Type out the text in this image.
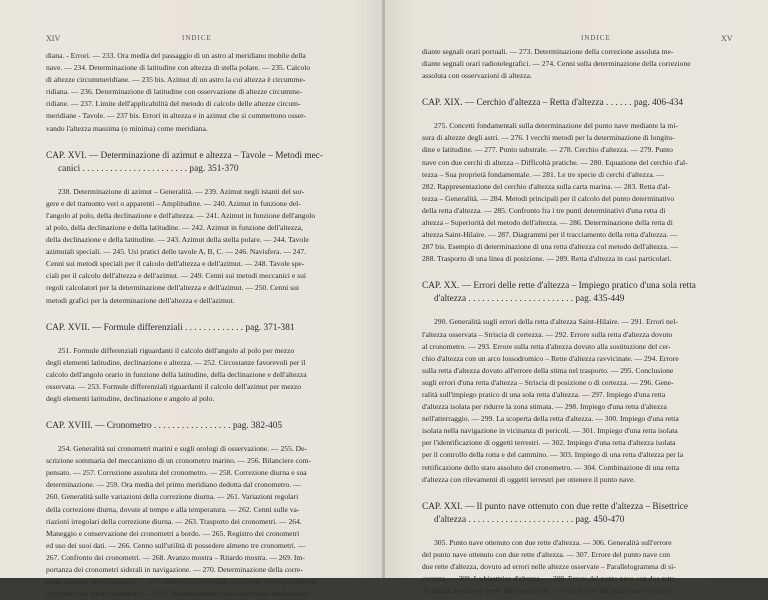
XIV	INDICE
diana. - Errori. — 233. Ora media del passaggio di un astro al meridiano mobile della
nave. — 234. Determinazione di latitudine con altezza di stella polare. — 235. Calcolo
di altezze circummeridiane. — 235 bis. Azimut di un astro la cui altezza è circumme-
ridiana. — 236. Determinazione di latitudine con osservazione di altezze circumme-
ridiane. — 237. Limite dell'applicabilità del metodo di calcolo delle altezze circum-
meridiane - Tavole. — 237 bis. Errori in altezza e in azimut che si commettono osser-
vando l'altezza massima (o minima) come meridiana.
CAP. XVI. — Determinazione di azimut e altezza – Tavole – Metodi mec-
canici . . . . . . . . . . . . . . . . . . . . . . . pag. 351-370
238. Determinazione di azimut – Generalità. — 239. Azimut negli istanti del sor-
gere e del tramonto veri o apparenti – Amplitudine. — 240. Azimut in funzione del-
l'angolo al polo, della declinazione e dell'altezza. — 241. Azimut in funzione dell'angolo
al polo, della declinazione e della latitudine. — 242. Azimut in funzione dell'altezza,
della declinazione e della latitudine. — 243. Azimut della stella polare. — 244. Tavole
azimutali speciali. — 245. Usi pratici delle tavole A, B, C. — 246. Navisfera. — 247.
Cenni sui metodi speciali per il calcolo dell'altezza e dell'azimut. — 248. Tavole spe-
ciali per il calcolo dell'altezza e dell'azimut. — 249. Cenni sui metodi meccanici e sui
regoli calcolatori per la determinazione dell'altezza e dell'azimut. — 250. Cenni sui
metodi grafici per la determinazione dell'altezza e dell'azimut.
CAP. XVII. — Formule differenziali . . . . . . . . . . . . . pag. 371-381
251. Formule differenziali riguardanti il calcolo dell'angolo al polo per mezzo
degli elementi latitudine, declinazione e altezza. — 252. Circostanze favorevoli per il
calcolo dell'angolo orario in funzione della latitudine, della declinazione e dell'altezza
osservata. — 253. Formule differenziali riguardanti il calcolo dell'azimut per mezzo
degli elementi latitudine, declinazione e angolo al polo.
CAP. XVIII. — Cronometro . . . . . . . . . . . . . . . . . pag. 382-405
254. Generalità sui cronometri marini e sugli orologi di osservazione. — 255. De-
scrizione sommaria del meccanismo di un cronometro marino. — 256. Bilanciere com-
pensato. — 257. Correzione assoluta del cronometro. — 258. Correzione diurna e sua
determinazione. — 259. Ora media del primo meridiano dedotta dal cronometro. —
260. Generalità sulle variazioni della correzione diurna. — 261. Variazioni regolari
della correzione diurna, dovute al tempo e alla temperatura. — 262. Cenni sulle va-
riazioni irregolari della correzione diurna. — 263. Trasporto dei cronometri. — 264.
Maneggio e conservazione dei cronometri a bordo. — 265. Registro dei cronometri
ed uso dei suoi dati. — 266. Cenno sull'utilità di possedere almeno tre cronometri. —
267. Confronto dei cronometri. — 268. Avanzo mostra – Ritardo mostra. — 269. Im-
portanza dei cronometri siderali in navigazione. — 270. Determinazione della corre-
zione assoluta dei cronometri. — 271. Determinazione della correzione assoluta mediante
confronto con altro cronometro. — 272. Determinazione della correzione assoluta me-
INDICE	XV
diante segnali orari portuali. — 273. Determinazione della correzione assoluta me-
diante segnali orari radiotelegrafici. — 274. Cenni sulla determinazione della correzione
assoluta con osservazioni di altezza.
CAP. XIX. — Cerchio d'altezza – Retta d'altezza . . . . . . pag. 406-434
275. Concetti fondamentali sulla determinazione del punto nave mediante la mi-
sura di altezze degli astri. — 276. I vecchi metodi per la determinazione di longitu-
dine e latitudine. — 277. Punto substrale. — 278. Cerchio d'altezza. — 279. Punto
nave con due cerchi di altezza – Difficoltà pratiche. — 280. Equazione del cerchio d'al-
tezza – Sua proprietà fondamentale. — 281. Le tre specie di cerchi d'altezza. —
282. Rappresentazione del cerchio d'altezza sulla carta marina. — 283. Retta d'al-
tezza – Generalità. — 284. Metodi principali per il calcolo del punto determinativo
della retta d'altezza. — 285. Confronto fra i tre punti determinativi d'una retta di
altezza – Superiorità del metodo dell'altezza. — 286. Determinazione della retta di
altezza Saint-Hilaire. — 287. Diagrammi per il tracciamento della retta d'altezza. —
287 bis. Esempio di determinazione di una retta d'altezza col metodo dell'altezza. —
288. Trasporto di una linea di posizione. — 289. Retta d'altezza in casi particolari.
CAP. XX. — Errori delle rette d'altezza – Impiego pratico d'una sola retta
d'altezza . . . . . . . . . . . . . . . . . . . . . . . pag. 435-449
290. Generalità sugli errori della retta d'altezza Saint-Hilaire. — 291. Errori nel-
l'altezza osservata – Striscia di certezza. — 292. Errore sulla retta d'altezza dovuto
al cronometro. — 293. Errore sulla retta d'altezza dovuto alla sostituzione del cer-
chio d'altezza con un arco lossodromico – Rette d'altezza ravvicinate. — 294. Errore
sulla retta d'altezza dovuto all'errore della stima nel trasporto. — 295. Conclusione
sugli errori d'una retta d'altezza – Striscia di posizione o di certezza. — 296. Gene-
ralità sull'impiego pratico di una sola retta d'altezza. — 297. Impiego d'una retta
d'altezza isolata per ridurre la zona stimata. — 298. Impiego d'una retta d'altezza
nell'atterraggio. — 299. La scoperta della retta d'altezza. — 300. Impiego d'una retta
isolata nella navigazione in vicinanza di pericoli. — 301. Impiego d'una retta isolata
per l'identificazione di oggetti terrestri. — 302. Impiego d'una retta d'altezza isolata
per il controllo della rotta e del cammino. — 303. Impiego di una retta d'altezza per la
rettificazione dello stato assoluto del cronometro. — 304. Combinazione di una retta
d'altezza con rilevamenti di oggetti terrestri per ottenere il punto nave.
CAP. XXI. — Il punto nave ottenuto con due rette d'altezza – Bisettrice
d'altezza . . . . . . . . . . . . . . . . . . . . . . . pag. 450-470
305. Punto nave ottenuto con due rette d'altezza. — 306. Generalità sull'errore
del punto nave ottenuto con due rette d'altezza. — 307. Errore del punto nave con
due rette d'altezza, dovuto ad errori nelle altezze osservate – Parallelogramma di si-
curezza. — 308. La bisettrice d'altezza. — 309. Errore del punto nave con due rette
di altezza dovuto ad errori del cronometro. — 310. Errore del punto nave con due
